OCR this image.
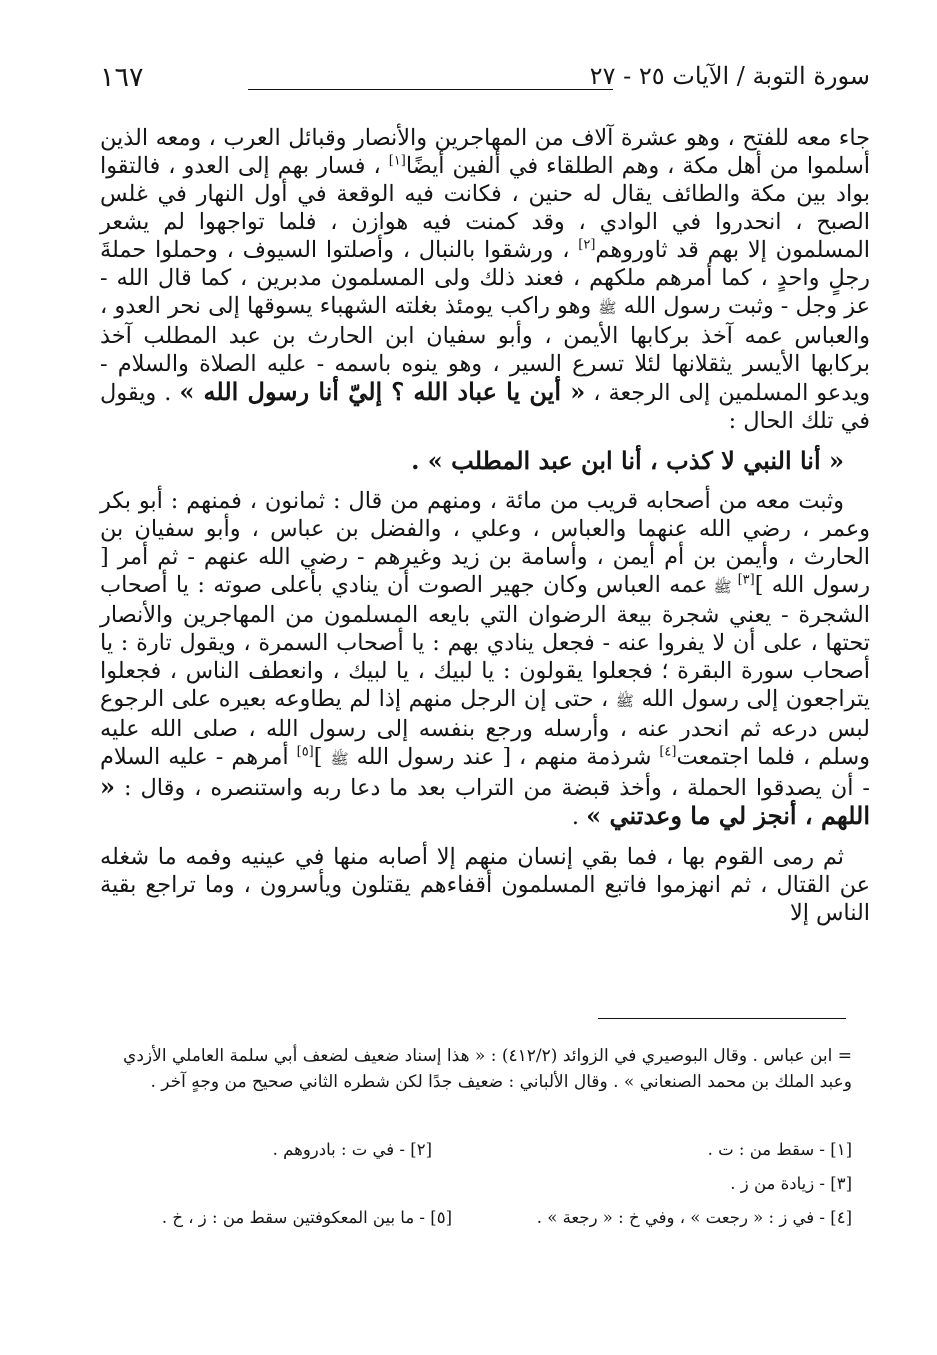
١٦٧	سورة التوبة / الآيات ٢٥ - ٢٧

جاء معه للفتح ، وهو عشرة آلاف من المهاجرين والأنصار وقبائل العرب ، ومعه الذين أسلموا من أهل مكة ، وهم الطلقاء في ألفين أيضًا[١] ، فسار بهم إلى العدو ، فالتقوا بواد بين مكة والطائف يقال له حنين ، فكانت فيه الوقعة في أول النهار في غلس الصبح ، انحدروا في الوادي ، وقد كمنت فيه هوازن ، فلما تواجهوا لم يشعر المسلمون إلا بهم قد ثاوروهم[٢] ، ورشقوا بالنبال ، وأصلتوا السيوف ، وحملوا حملةَ رجلٍ واحدٍ ، كما أمرهم ملكهم ، فعند ذلك ولى المسلمون مدبرين ، كما قال الله - عز وجل - وثبت رسول الله ﷺ وهو راكب يومئذ بغلته الشهباء يسوقها إلى نحر العدو ، والعباس عمه آخذ بركابها الأيمن ، وأبو سفيان ابن الحارث بن عبد المطلب آخذ بركابها الأيسر يثقلانها لئلا تسرع السير ، وهو ينوه باسمه - عليه الصلاة والسلام - ويدعو المسلمين إلى الرجعة ، « أين يا عباد الله ؟ إليّ أنا رسول الله » . ويقول في تلك الحال :

« أنا النبي لا كذب ، أنا ابن عبد المطلب » .

وثبت معه من أصحابه قريب من مائة ، ومنهم من قال : ثمانون ، فمنهم : أبو بكر وعمر ، رضي الله عنهما والعباس ، وعلي ، والفضل بن عباس ، وأبو سفيان بن الحارث ، وأيمن بن أم أيمن ، وأسامة بن زيد وغيرهم - رضي الله عنهم - ثم أمر [ رسول الله ][٣] ﷺ عمه العباس وكان جهير الصوت أن ينادي بأعلى صوته : يا أصحاب الشجرة - يعني شجرة بيعة الرضوان التي بايعه المسلمون من المهاجرين والأنصار تحتها ، على أن لا يفروا عنه - فجعل ينادي بهم : يا أصحاب السمرة ، ويقول تارة : يا أصحاب سورة البقرة ؛ فجعلوا يقولون : يا لبيك ، يا لبيك ، وانعطف الناس ، فجعلوا يتراجعون إلى رسول الله ﷺ ، حتى إن الرجل منهم إذا لم يطاوعه بعيره على الرجوع لبس درعه ثم انحدر عنه ، وأرسله ورجع بنفسه إلى رسول الله ، صلى الله عليه وسلم ، فلما اجتمعت[٤] شرذمة منهم ، [ عند رسول الله ﷺ ][٥] أمرهم - عليه السلام - أن يصدقوا الحملة ، وأخذ قبضة من التراب بعد ما دعا ربه واستنصره ، وقال : « اللهم ، أنجز لي ما وعدتني » .

ثم رمى القوم بها ، فما بقي إنسان منهم إلا أصابه منها في عينيه وفمه ما شغله عن القتال ، ثم انهزموا فاتبع المسلمون أقفاءهم يقتلون ويأسرون ، وما تراجع بقية الناس إلا

= ابن عباس . وقال البوصيري في الزوائد (٤١٢/٢) : « هذا إسناد ضعيف لضعف أبي سلمة العاملي الأزدي

وعبد الملك بن محمد الصنعاني » . وقال الألباني : ضعيف جدًا لكن شطره الثاني صحيح من وجهٍ آخر .

[١] - سقط من : ت .
[٢] - في ت : بادروهم .
[٣] - زيادة من ز .
[٤] - في ز : « رجعت » ، وفي خ : « رجعة » .
[٥] - ما بين المعكوفتين سقط من : ز ، خ .
